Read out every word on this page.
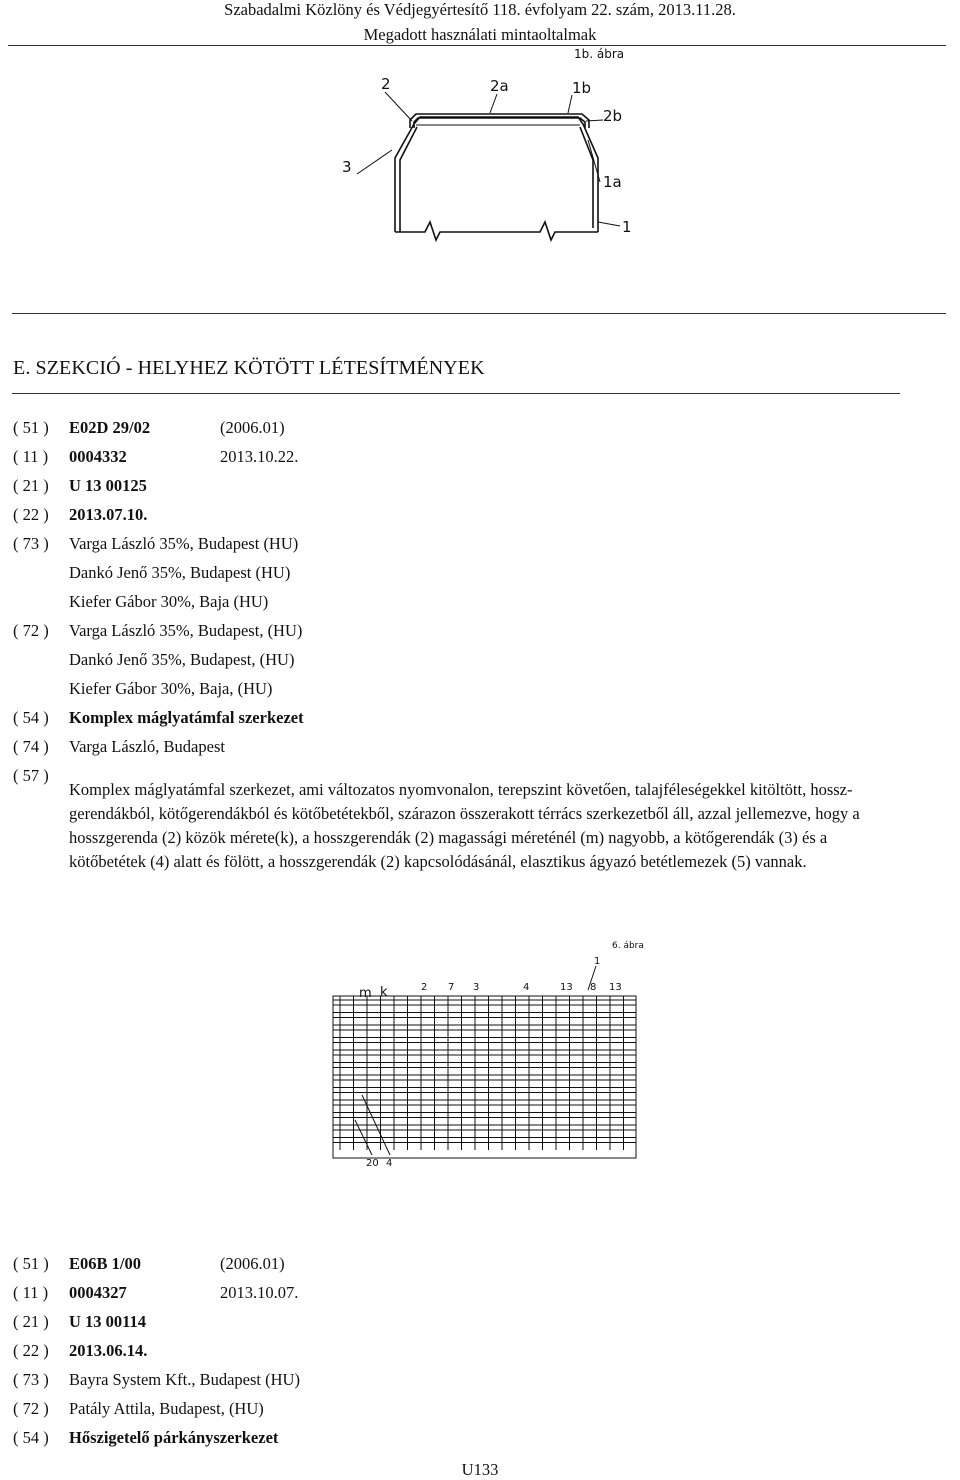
Szabadalmi Közlöny és Védjegyértesítő 118. évfolyam 22. szám, 2013.11.28.
Megadott használati mintaoltalmak
1b. ábra
2	2a	1b
2b
3
1a
1
E. SZEKCIÓ - HELYHEZ KÖTÖTT LÉTESÍTMÉNYEK
( 51 ) E02D 29/02	(2006.01)
( 11 ) 0004332	2013.10.22.
( 21 ) U 13 00125
( 22 ) 2013.07.10.
( 73 ) Varga László 35%, Budapest (HU)
Dankó Jenő 35%, Budapest (HU)
Kiefer Gábor 30%, Baja (HU)
( 72 ) Varga László 35%, Budapest, (HU)
Dankó Jenő 35%, Budapest, (HU)
Kiefer Gábor 30%, Baja, (HU)
( 54 ) Komplex máglyatámfal szerkezet
( 74 ) Varga László, Budapest
( 57 )
Komplex máglyatámfal szerkezet, ami változatos nyomvonalon, terepszint követően, talajféleségekkel kitöltött, hossz-gerendákból, kötőgerendákból és kötőbetétekből, szárazon összerakott térrács szerkezetből áll, azzal jellemezve, hogy a hosszgerenda (2) közök mérete(k), a hosszgerendák (2) magassági méreténél (m) nagyobb, a kötőgerendák (3) és a kötőbetétek (4) alatt és fölött, a hosszgerendák (2) kapcsolódásánál, elasztikus ágyazó betétlemezek (5) vannak.
6. ábra
1
m k	2 7 3	4	13 8 13
20 4
( 51 ) E06B 1/00	(2006.01)
( 11 ) 0004327	2013.10.07.
( 21 ) U 13 00114
( 22 ) 2013.06.14.
( 73 ) Bayra System Kft., Budapest (HU)
( 72 ) Patály Attila, Budapest, (HU)
( 54 ) Hőszigetelő párkányszerkezet
U133
